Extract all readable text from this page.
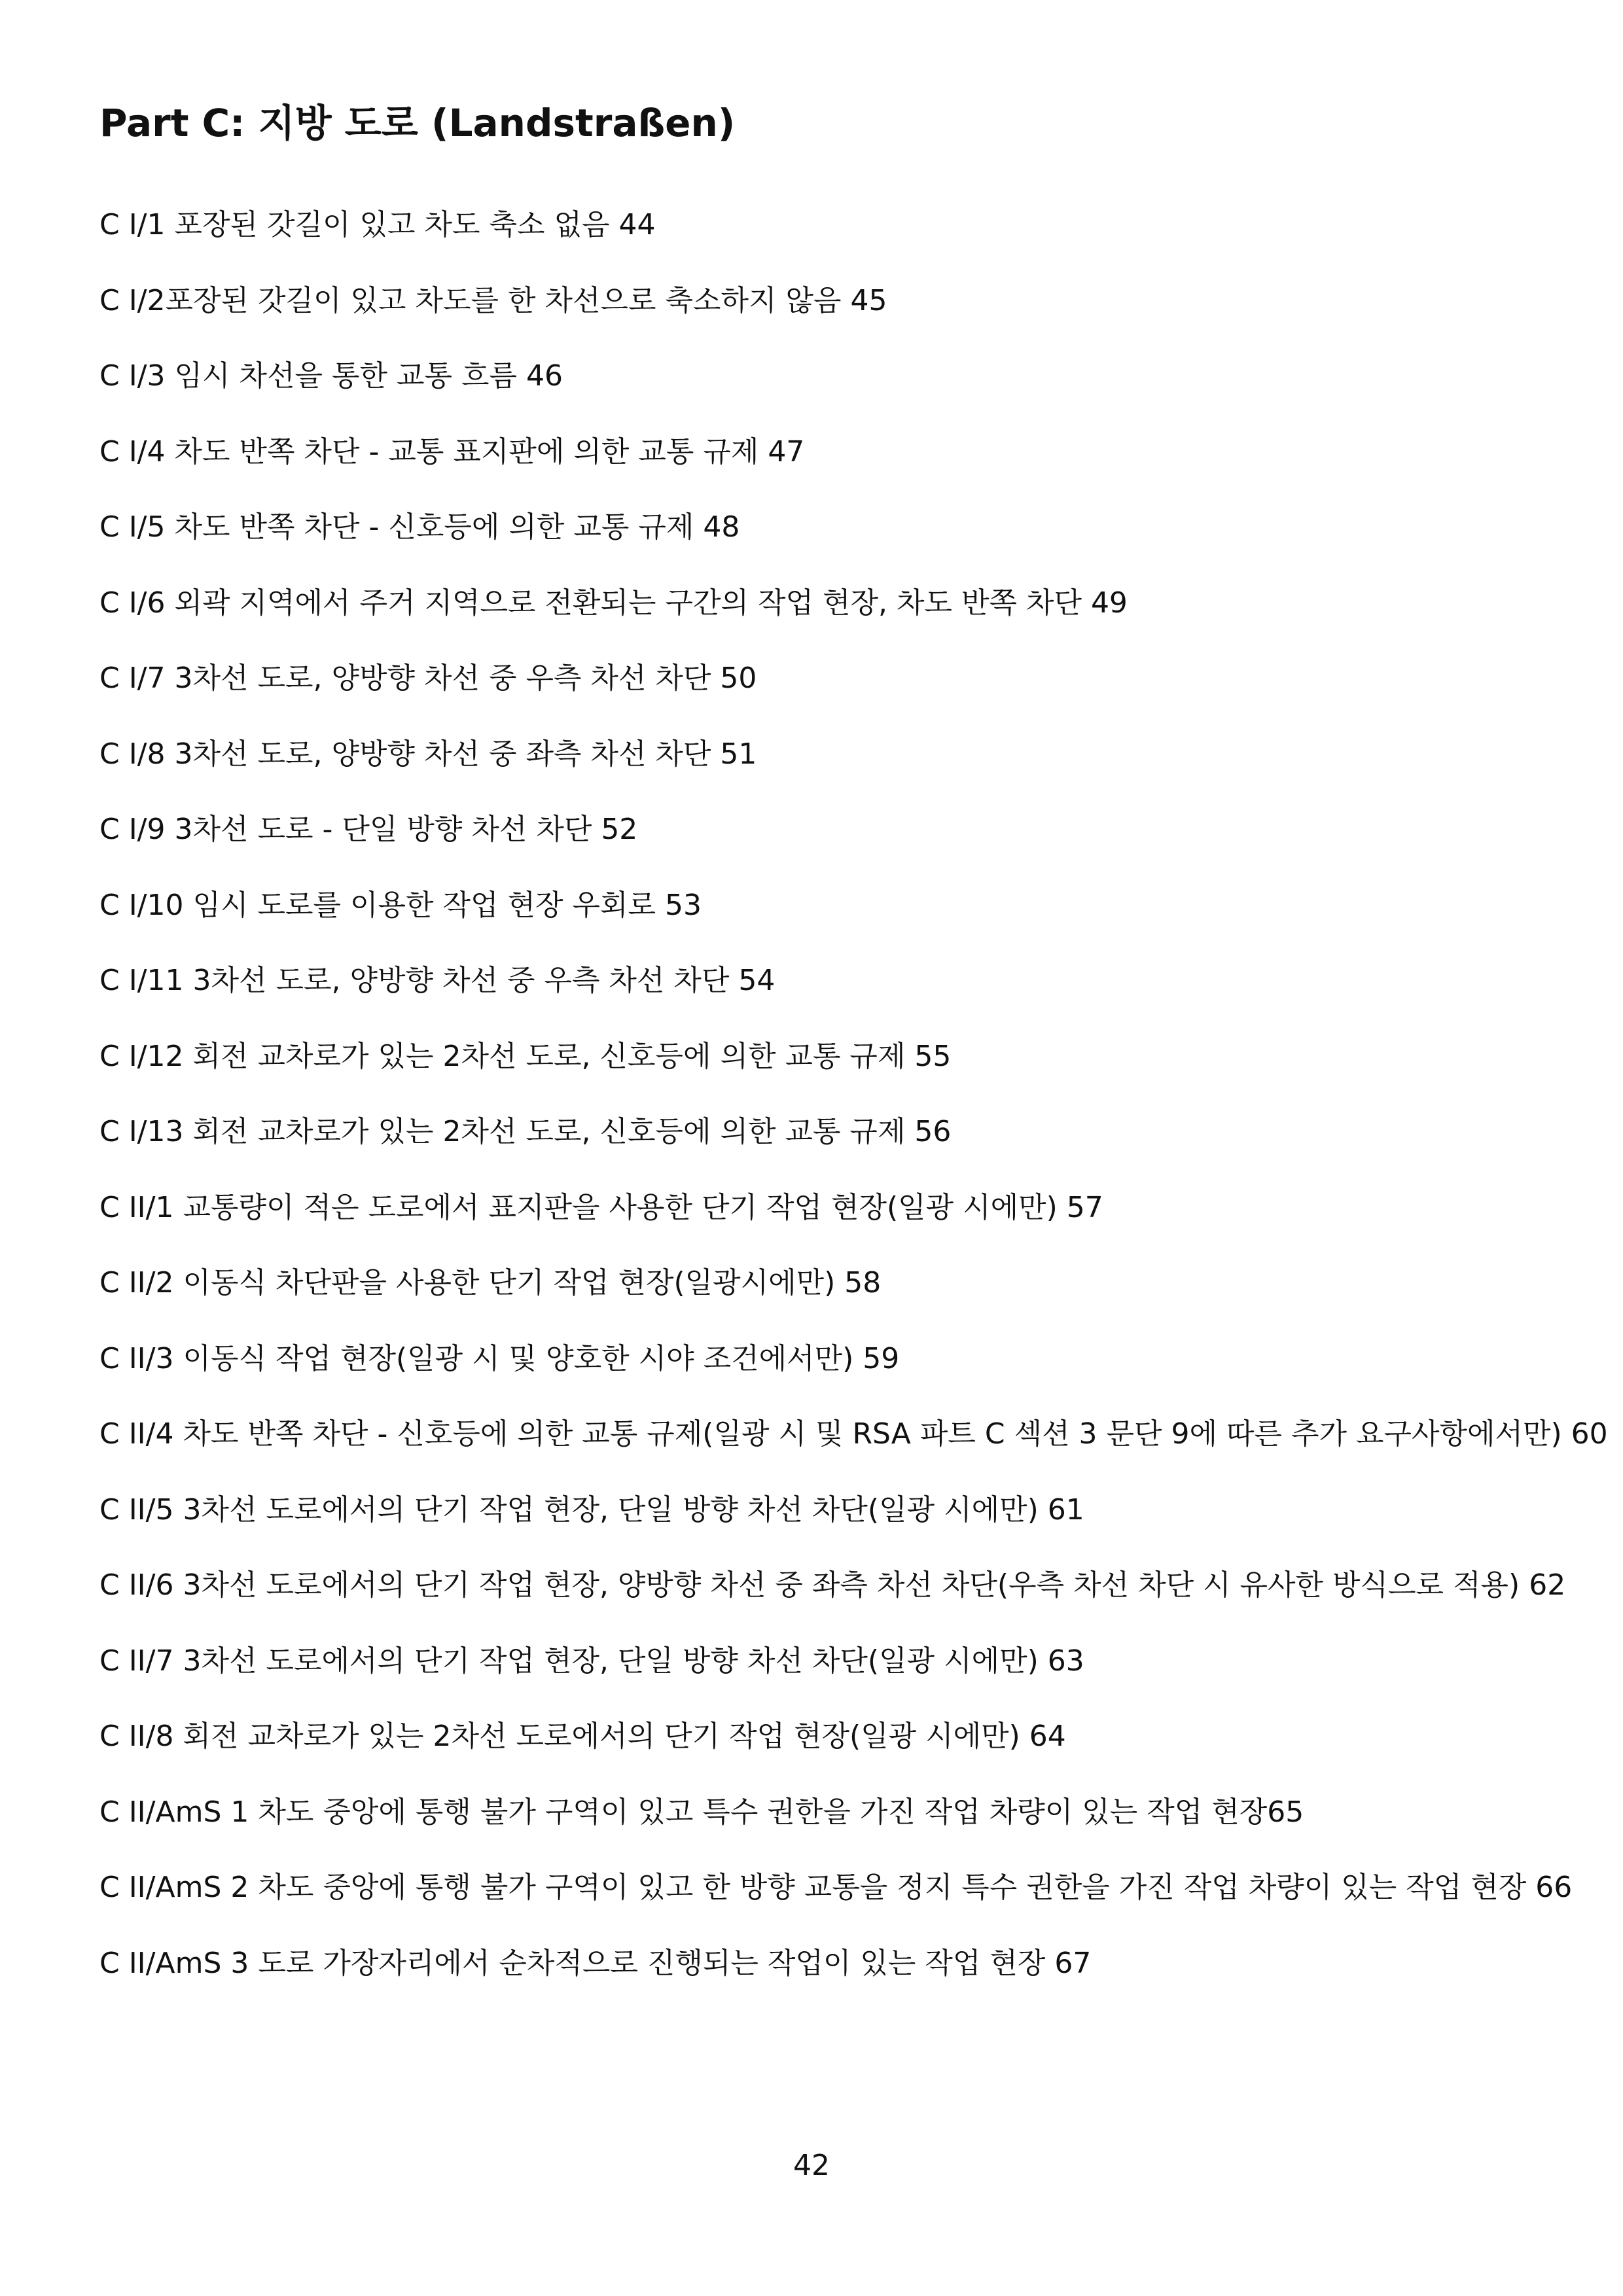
Part C: 지방 도로 (Landstraßen)
C I/1 포장된 갓길이 있고 차도 축소 없음 44
C I/2포장된 갓길이 있고 차도를 한 차선으로 축소하지 않음 45
C I/3 임시 차선을 통한 교통 흐름 46
C I/4 차도 반쪽 차단 - 교통 표지판에 의한 교통 규제 47
C I/5 차도 반쪽 차단 - 신호등에 의한 교통 규제 48
C I/6 외곽 지역에서 주거 지역으로 전환되는 구간의 작업 현장, 차도 반쪽 차단 49
C I/7 3차선 도로, 양방향 차선 중 우측 차선 차단 50
C I/8 3차선 도로, 양방향 차선 중 좌측 차선 차단 51
C I/9 3차선 도로 - 단일 방향 차선 차단 52
C I/10 임시 도로를 이용한 작업 현장 우회로 53
C I/11 3차선 도로, 양방향 차선 중 우측 차선 차단 54
C I/12 회전 교차로가 있는 2차선 도로, 신호등에 의한 교통 규제 55
C I/13 회전 교차로가 있는 2차선 도로, 신호등에 의한 교통 규제 56
C II/1 교통량이 적은 도로에서 표지판을 사용한 단기 작업 현장(일광 시에만) 57
C II/2 이동식 차단판을 사용한 단기 작업 현장(일광시에만) 58
C II/3 이동식 작업 현장(일광 시 및 양호한 시야 조건에서만) 59
C II/4 차도 반쪽 차단 - 신호등에 의한 교통 규제(일광 시 및 RSA 파트 C 섹션 3 문단 9에 따른 추가 요구사항에서만) 60
C II/5 3차선 도로에서의 단기 작업 현장, 단일 방향 차선 차단(일광 시에만) 61
C II/6 3차선 도로에서의 단기 작업 현장, 양방향 차선 중 좌측 차선 차단(우측 차선 차단 시 유사한 방식으로 적용) 62
C II/7 3차선 도로에서의 단기 작업 현장, 단일 방향 차선 차단(일광 시에만) 63
C II/8 회전 교차로가 있는 2차선 도로에서의 단기 작업 현장(일광 시에만) 64
C II/AmS 1 차도 중앙에 통행 불가 구역이 있고 특수 권한을 가진 작업 차량이 있는 작업 현장65
C II/AmS 2 차도 중앙에 통행 불가 구역이 있고 한 방향 교통을 정지 특수 권한을 가진 작업 차량이 있는 작업 현장 66
C II/AmS 3 도로 가장자리에서 순차적으로 진행되는 작업이 있는 작업 현장 67
42
